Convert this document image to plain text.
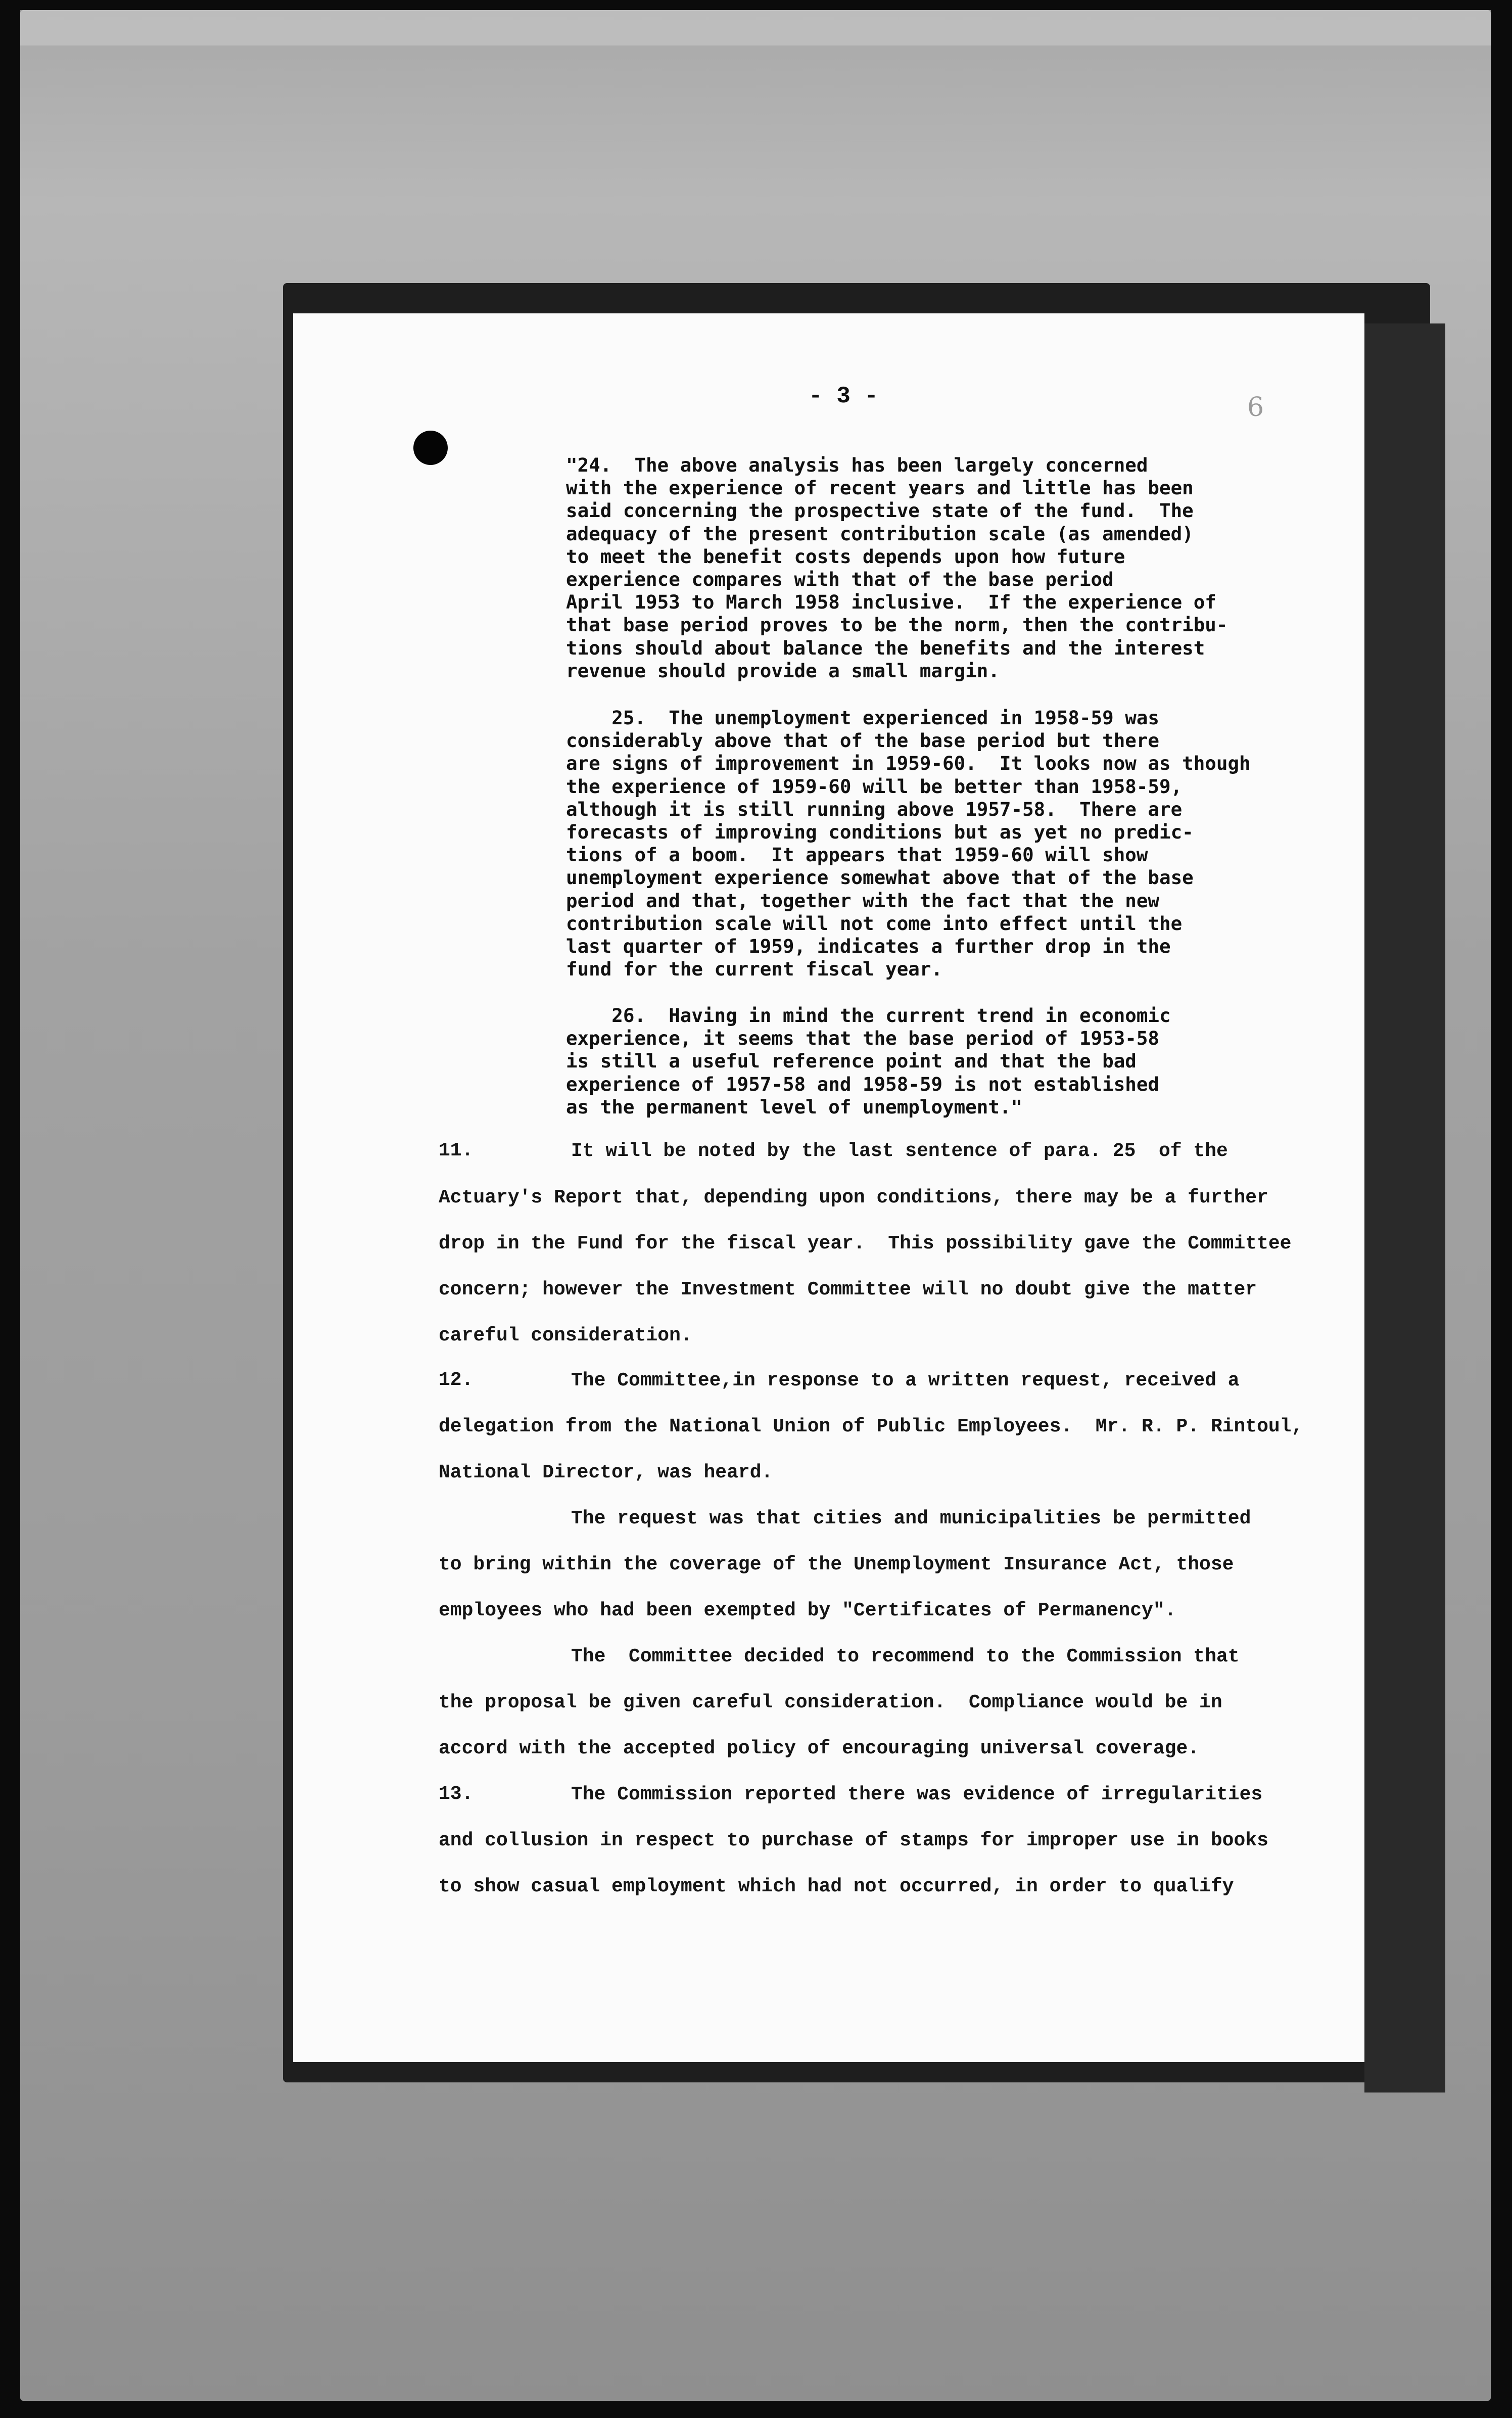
- 3 -	6
"24.  The above analysis has been largely concerned
with the experience of recent years and little has been
said concerning the prospective state of the fund.  The
adequacy of the present contribution scale (as amended)
to meet the benefit costs depends upon how future
experience compares with that of the base period
April 1953 to March 1958 inclusive.  If the experience of
that base period proves to be the norm, then the contribu-
tions should about balance the benefits and the interest
revenue should provide a small margin.

25.  The unemployment experienced in 1958-59 was
considerably above that of the base period but there
are signs of improvement in 1959-60.  It looks now as though
the experience of 1959-60 will be better than 1958-59,
although it is still running above 1957-58.  There are
forecasts of improving conditions but as yet no predic-
tions of a boom.  It appears that 1959-60 will show
unemployment experience somewhat above that of the base
period and that, together with the fact that the new
contribution scale will not come into effect until the
last quarter of 1959, indicates a further drop in the
fund for the current fiscal year.

26.  Having in mind the current trend in economic
experience, it seems that the base period of 1953-58
is still a useful reference point and that the bad
experience of 1957-58 and 1958-59 is not established
as the permanent level of unemployment."

11.	It will be noted by the last sentence of para. 25  of the
Actuary's Report that, depending upon conditions, there may be a further
drop in the Fund for the fiscal year.  This possibility gave the Committee
concern; however the Investment Committee will no doubt give the matter
careful consideration.
12.	The Committee,in response to a written request, received a
delegation from the National Union of Public Employees.  Mr. R. P. Rintoul,
National Director, was heard.
The request was that cities and municipalities be permitted
to bring within the coverage of the Unemployment Insurance Act, those
employees who had been exempted by "Certificates of Permanency".
The  Committee decided to recommend to the Commission that
the proposal be given careful consideration.  Compliance would be in
accord with the accepted policy of encouraging universal coverage.
13.	The Commission reported there was evidence of irregularities
and collusion in respect to purchase of stamps for improper use in books
to show casual employment which had not occurred, in order to qualify
